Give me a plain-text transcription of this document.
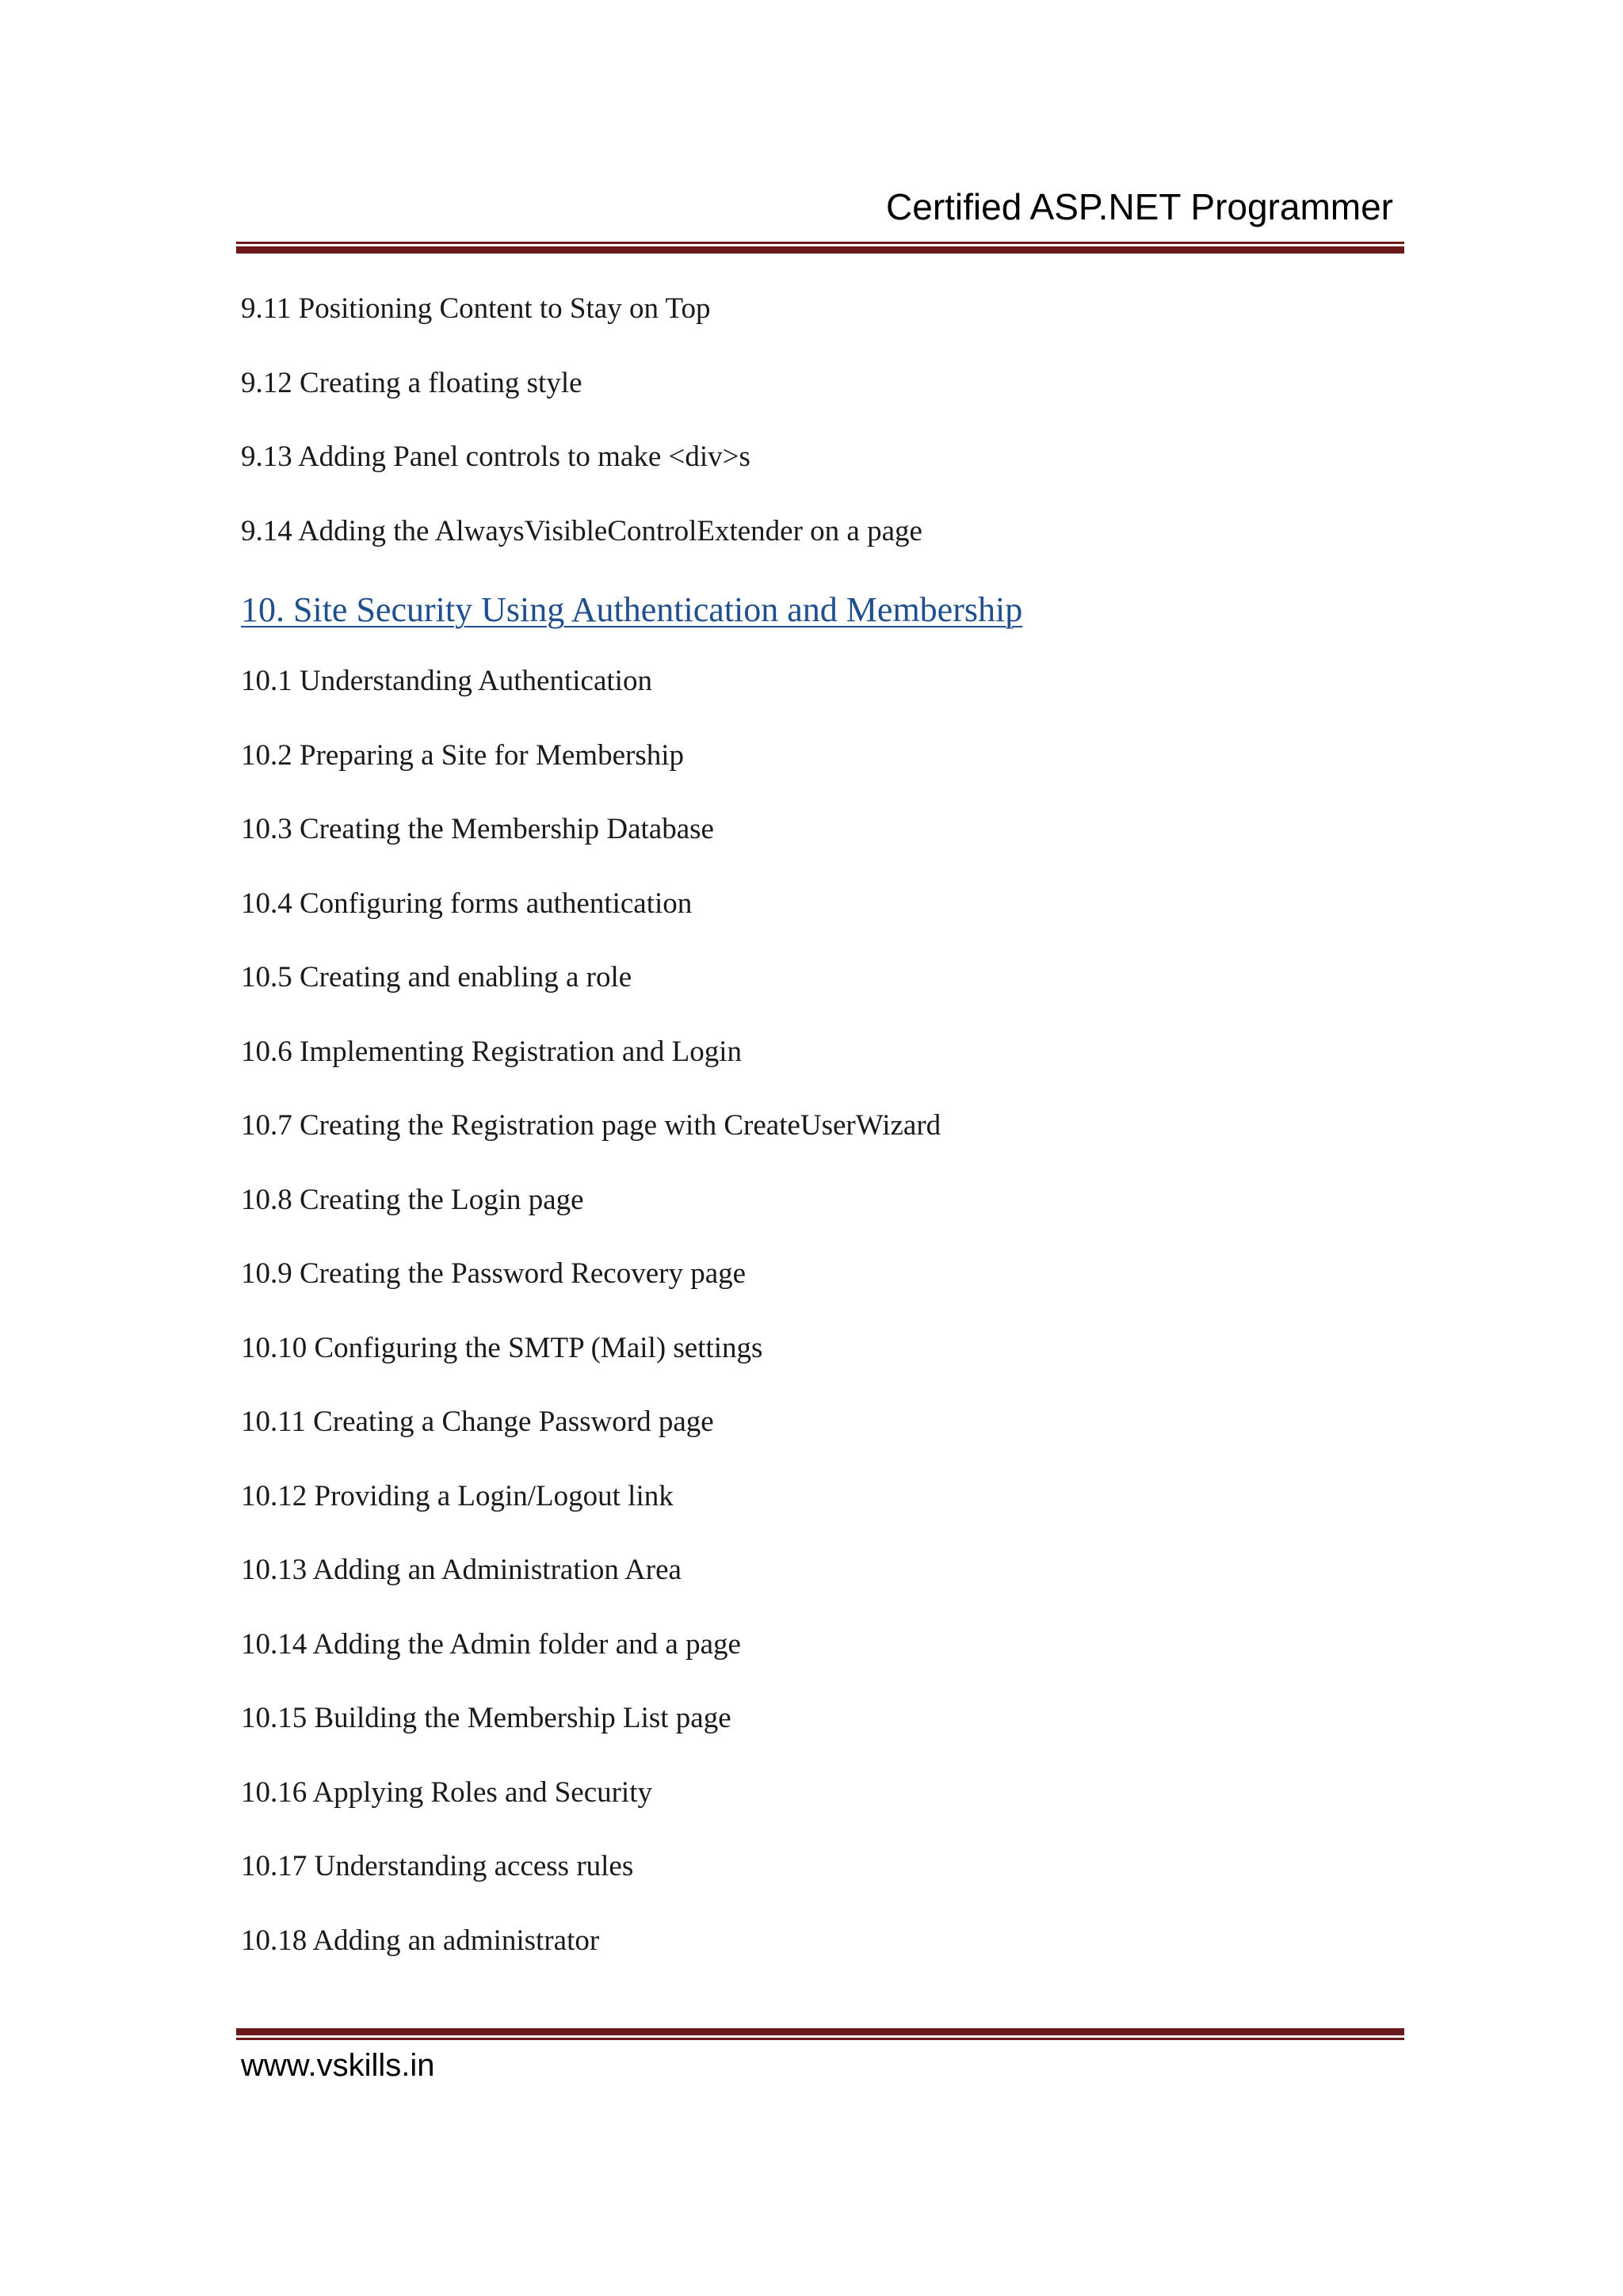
Certified ASP.NET Programmer
9.11 Positioning Content to Stay on Top
9.12 Creating a floating style
9.13 Adding Panel controls to make <div>s
9.14 Adding the AlwaysVisibleControlExtender on a page
10. Site Security Using Authentication and Membership
10.1 Understanding Authentication
10.2 Preparing a Site for Membership
10.3 Creating the Membership Database
10.4 Configuring forms authentication
10.5 Creating and enabling a role
10.6 Implementing Registration and Login
10.7 Creating the Registration page with CreateUserWizard
10.8 Creating the Login page
10.9 Creating the Password Recovery page
10.10 Configuring the SMTP (Mail) settings
10.11 Creating a Change Password page
10.12 Providing a Login/Logout link
10.13 Adding an Administration Area
10.14 Adding the Admin folder and a page
10.15 Building the Membership List page
10.16 Applying Roles and Security
10.17 Understanding access rules
10.18 Adding an administrator
www.vskills.in
